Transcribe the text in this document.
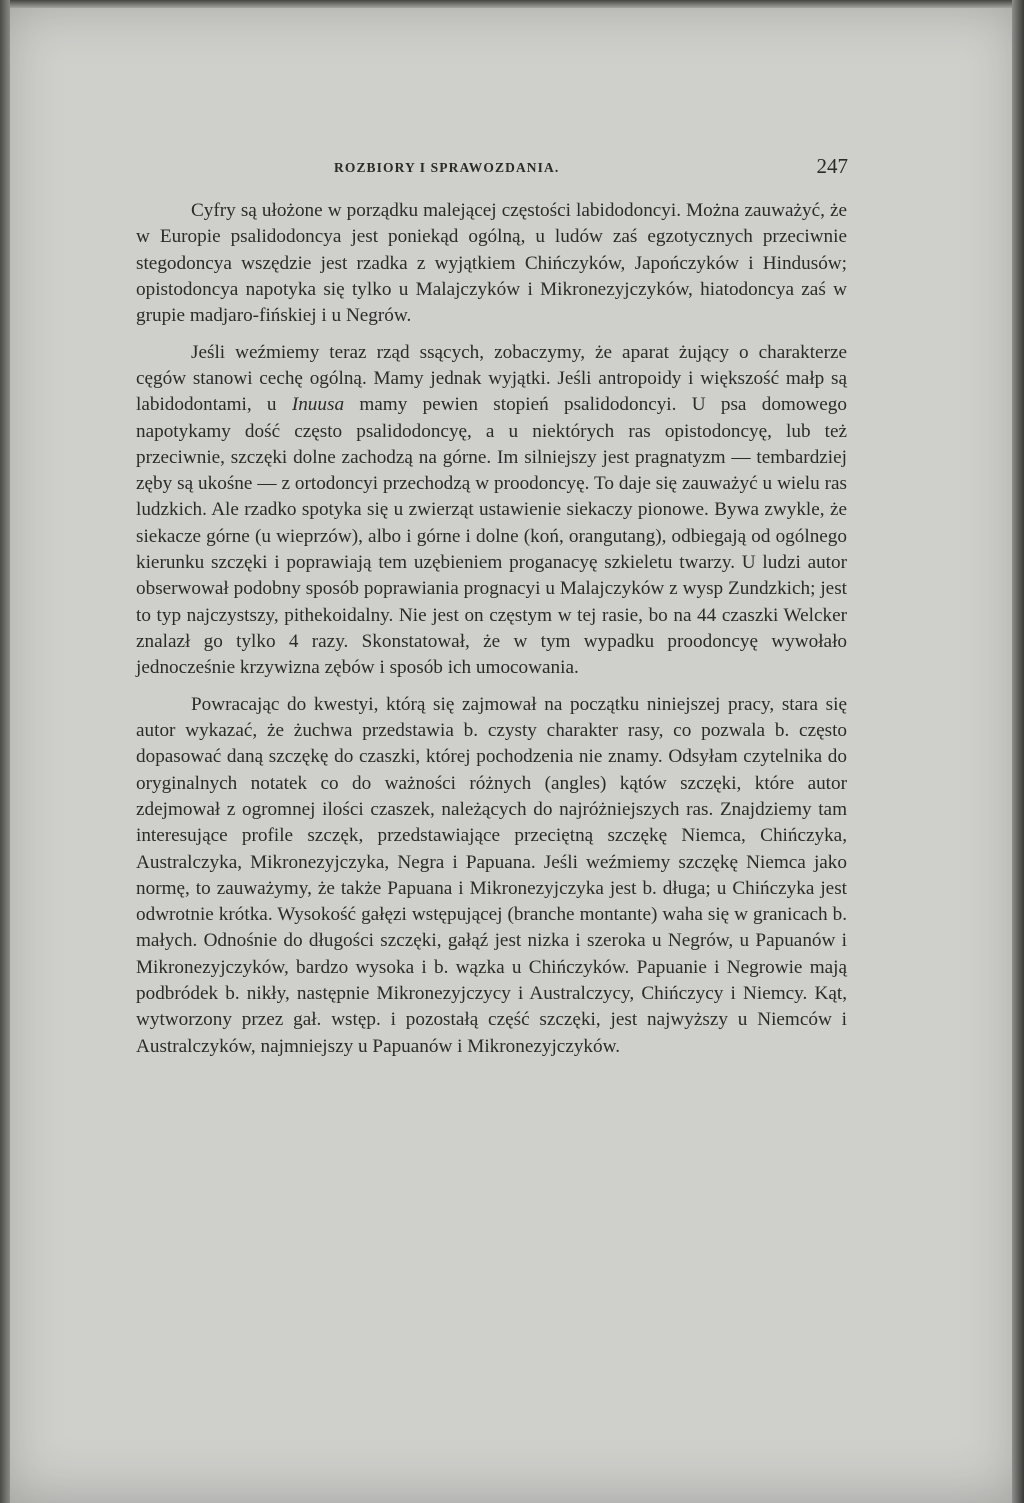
ROZBIORY I SPRAWOZDANIA.	247

Cyfry są ułożone w porządku malejącej częstości labidodoncyi. Można zauważyć, że w Europie psalidodoncya jest poniekąd ogólną, u ludów zaś egzotycznych przeciwnie stegodoncya wszędzie jest rzadka z wyjątkiem Chińczyków, Japończyków i Hindusów; opistodoncya napotyka się tylko u Malajczyków i Mikronezyjczyków, hiatodoncya zaś w grupie madjaro-fińskiej i u Negrów.

Jeśli weźmiemy teraz rząd ssących, zobaczymy, że aparat żujący o charakterze cęgów stanowi cechę ogólną. Mamy jednak wyjątki. Jeśli antropoidy i większość małp są labidodontami, u Inuusa mamy pewien stopień psalidodoncyi. U psa domowego napotykamy dość często psalidodoncyę, a u niektórych ras opistodoncyę, lub też przeciwnie, szczęki dolne zachodzą na górne. Im silniejszy jest pragnatyzm — tembardziej zęby są ukośne — z ortodoncyi przechodzą w proodoncyę. To daje się zauważyć u wielu ras ludzkich. Ale rzadko spotyka się u zwierząt ustawienie siekaczy pionowe. Bywa zwykle, że siekacze górne (u wieprzów), albo i górne i dolne (koń, orangutang), odbiegają od ogólnego kierunku szczęki i poprawiają tem uzębieniem proganacyę szkieletu twarzy. U ludzi autor obserwował podobny sposób poprawiania prognacyi u Malajczyków z wysp Zundzkich; jest to typ najczystszy, pithekoidalny. Nie jest on częstym w tej rasie, bo na 44 czaszki Welcker znalazł go tylko 4 razy. Skonstatował, że w tym wypadku proodoncyę wywołało jednocześnie krzywizna zębów i sposób ich umocowania.

Powracając do kwestyi, którą się zajmował na początku niniejszej pracy, stara się autor wykazać, że żuchwa przedstawia b. czysty charakter rasy, co pozwala b. często dopasować daną szczękę do czaszki, której pochodzenia nie znamy. Odsyłam czytelnika do oryginalnych notatek co do ważności różnych (angles) kątów szczęki, które autor zdejmował z ogromnej ilości czaszek, należących do najróżniejszych ras. Znajdziemy tam interesujące profile szczęk, przedstawiające przeciętną szczękę Niemca, Chińczyka, Australczyka, Mikronezyjczyka, Negra i Papuana. Jeśli weźmiemy szczękę Niemca jako normę, to zauważymy, że także Papuana i Mikronezyjczyka jest b. długa; u Chińczyka jest odwrotnie krótka. Wysokość gałęzi wstępującej (branche montante) waha się w granicach b. małych. Odnośnie do długości szczęki, gałąź jest nizka i szeroka u Negrów, u Papuanów i Mikronezyjczyków, bardzo wysoka i b. wązka u Chińczyków. Papuanie i Negrowie mają podbródek b. nikły, następnie Mikronezyjczycy i Australczycy, Chińczycy i Niemcy. Kąt, wytworzony przez gał. wstęp. i pozostałą część szczęki, jest najwyższy u Niemców i Australczyków, najmniejszy u Papuanów i Mikronezyjczyków.
